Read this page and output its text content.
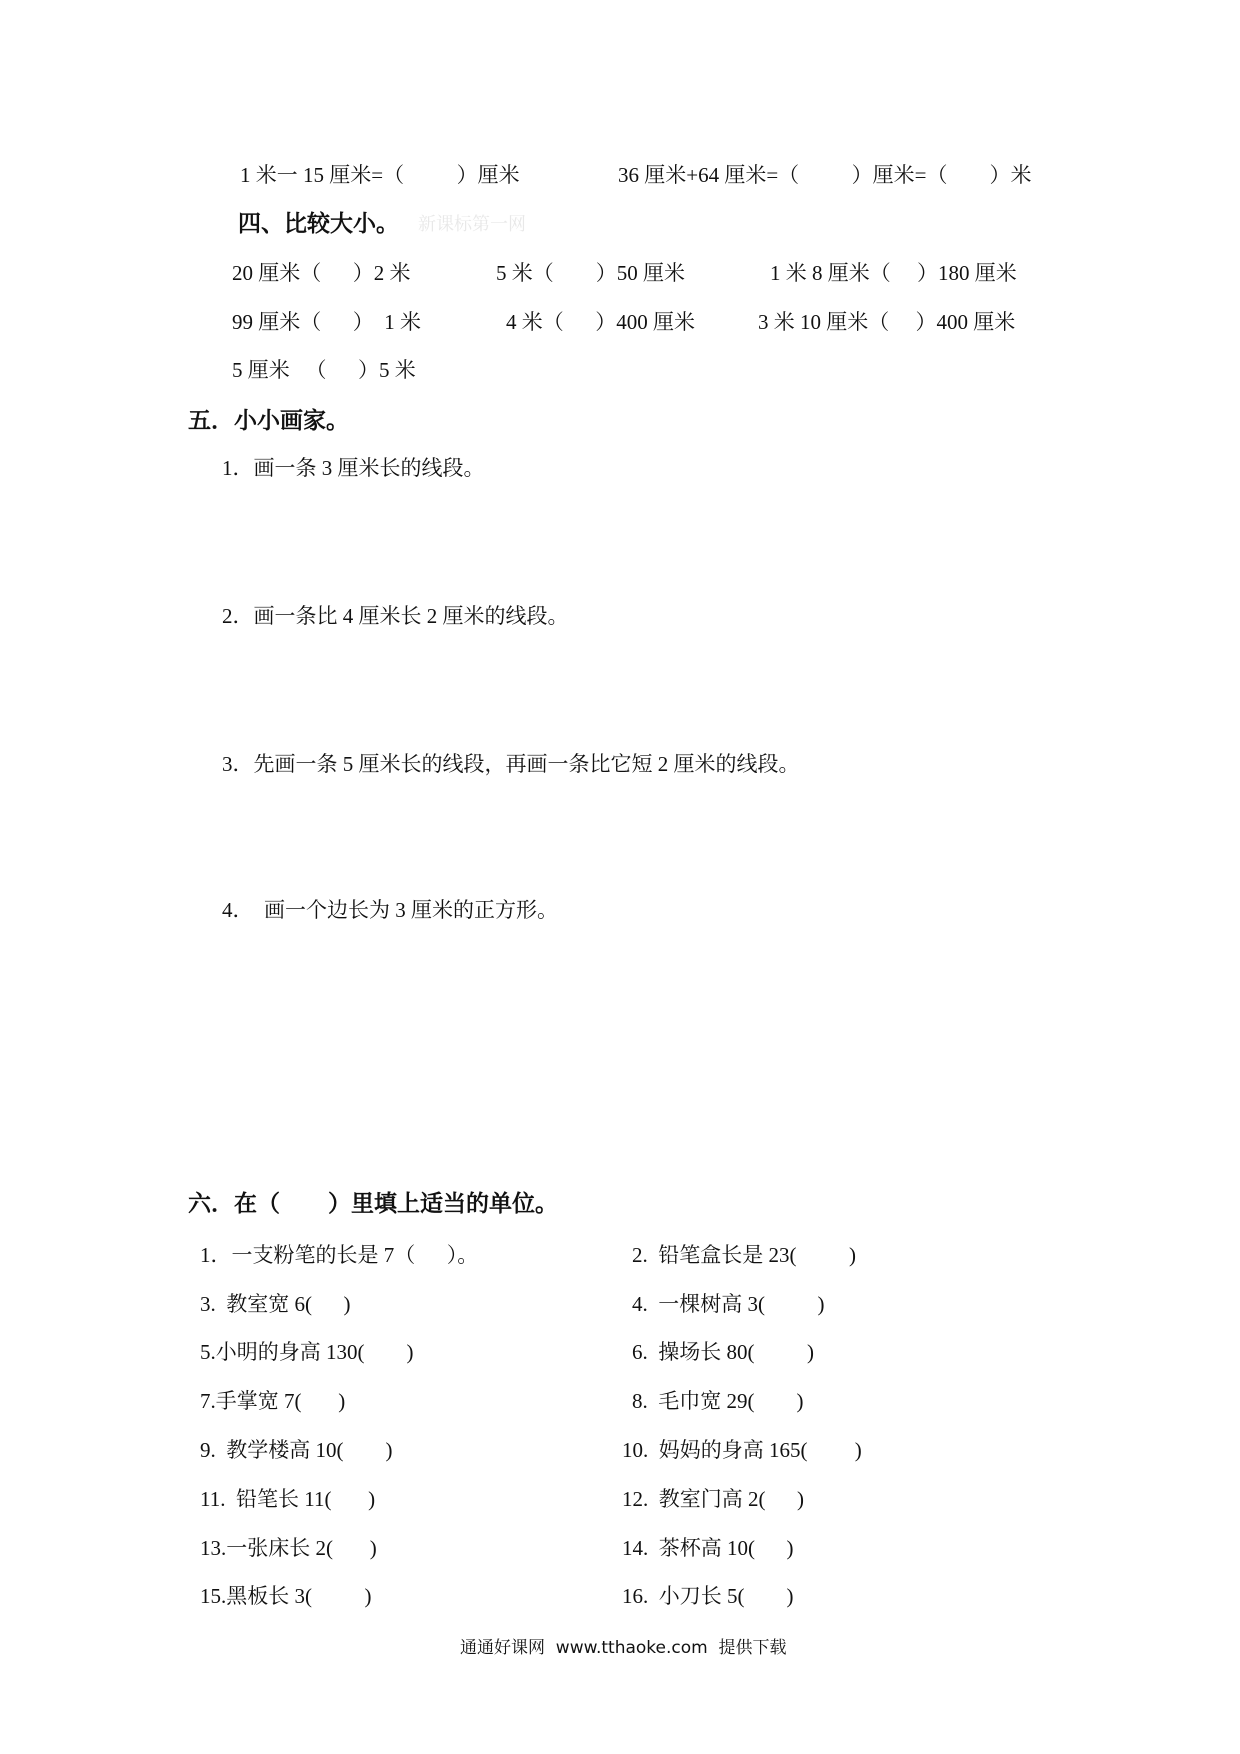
1 米一 15 厘米=（          ）厘米	36 厘米+64 厘米=（          ）厘米=（        ）米
四、比较大小。 新课标第一网
20 厘米（      ）2 米	5 米（        ）50 厘米	1 米 8 厘米（     ）180 厘米
99 厘米（      ）  1 米	4 米（      ）400 厘米	3 米 10 厘米（     ）400 厘米
5 厘米   （      ）5 米
五．小小画家。
1．画一条 3 厘米长的线段。
2．画一条比 4 厘米长 2 厘米的线段。
3．先画一条 5 厘米长的线段，再画一条比它短 2 厘米的线段。
4．  画一个边长为 3 厘米的正方形。
六．在（      ）里填上适当的单位。
1．一支粉笔的长是 7（      ）。	2.  铅笔盒长是 23(          )
3.  教室宽 6(      )	4.  一棵树高 3(          )
5.小明的身高 130(        )	6.  操场长 80(          )
7.手掌宽 7(       )	8.  毛巾宽 29(        )
9.  教学楼高 10(        )	10.  妈妈的身高 165(         )
11.  铅笔长 11(       )	12.  教室门高 2(      )
13.一张床长 2(       )	14.  茶杯高 10(      )
15.黑板长 3(          )	16.  小刀长 5(        )
通通好课网  www.tthaoke.com  提供下载
